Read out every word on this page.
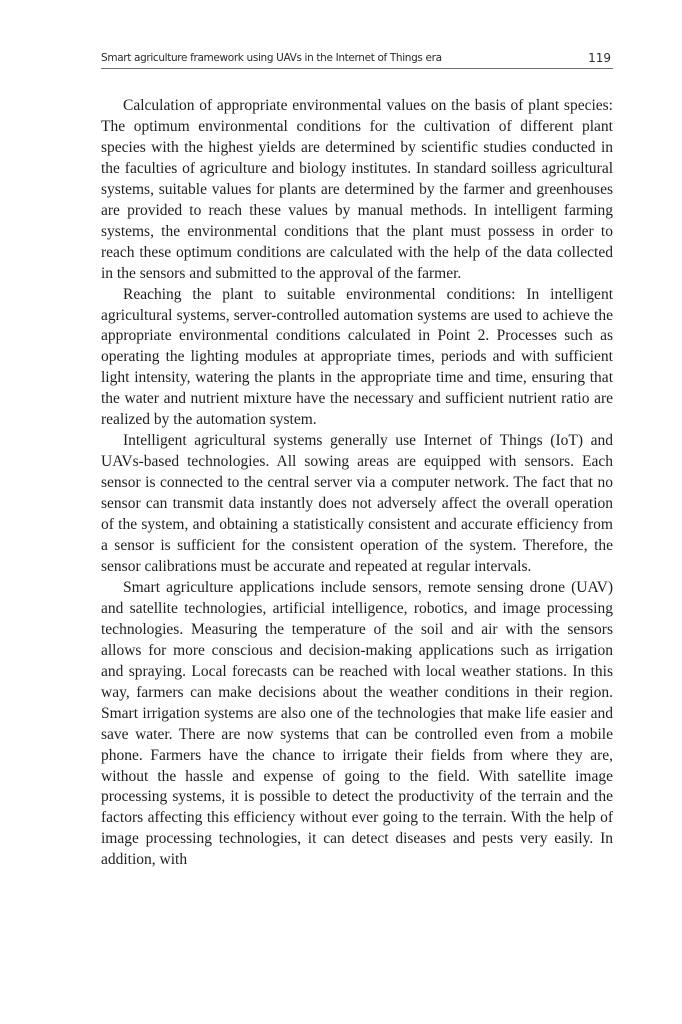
Smart agriculture framework using UAVs in the Internet of Things era	119

Calculation of appropriate environmental values on the basis of plant species: The optimum environmental conditions for the cultivation of different plant species with the highest yields are determined by scientific studies conducted in the faculties of agriculture and biology institutes. In standard soilless agricultural systems, suitable values for plants are determined by the farmer and greenhouses are provided to reach these values by manual methods. In intelligent farming systems, the environmental conditions that the plant must possess in order to reach these optimum conditions are calculated with the help of the data collected in the sensors and submitted to the approval of the farmer.

Reaching the plant to suitable environmental conditions: In intelligent agricultural systems, server-controlled automation systems are used to achieve the appropriate environmental conditions calculated in Point 2. Processes such as operating the lighting modules at appropriate times, periods and with sufficient light intensity, watering the plants in the appropriate time and time, ensuring that the water and nutrient mixture have the necessary and sufficient nutrient ratio are realized by the automation system.

Intelligent agricultural systems generally use Internet of Things (IoT) and UAVs-based technologies. All sowing areas are equipped with sensors. Each sensor is connected to the central server via a computer network. The fact that no sensor can transmit data instantly does not adversely affect the overall operation of the system, and obtaining a statistically consistent and accurate efficiency from a sensor is sufficient for the consistent operation of the system. Therefore, the sensor calibrations must be accurate and repeated at regular intervals.

Smart agriculture applications include sensors, remote sensing drone (UAV) and satellite technologies, artificial intelligence, robotics, and image processing technologies. Measuring the temperature of the soil and air with the sensors allows for more conscious and decision-making applications such as irrigation and spraying. Local forecasts can be reached with local weather stations. In this way, farmers can make decisions about the weather conditions in their region. Smart irrigation systems are also one of the technologies that make life easier and save water. There are now systems that can be controlled even from a mobile phone. Farmers have the chance to irrigate their fields from where they are, without the hassle and expense of going to the field. With satellite image processing systems, it is possible to detect the productivity of the terrain and the factors affecting this efficiency without ever going to the terrain. With the help of image processing technologies, it can detect diseases and pests very easily. In addition, with
